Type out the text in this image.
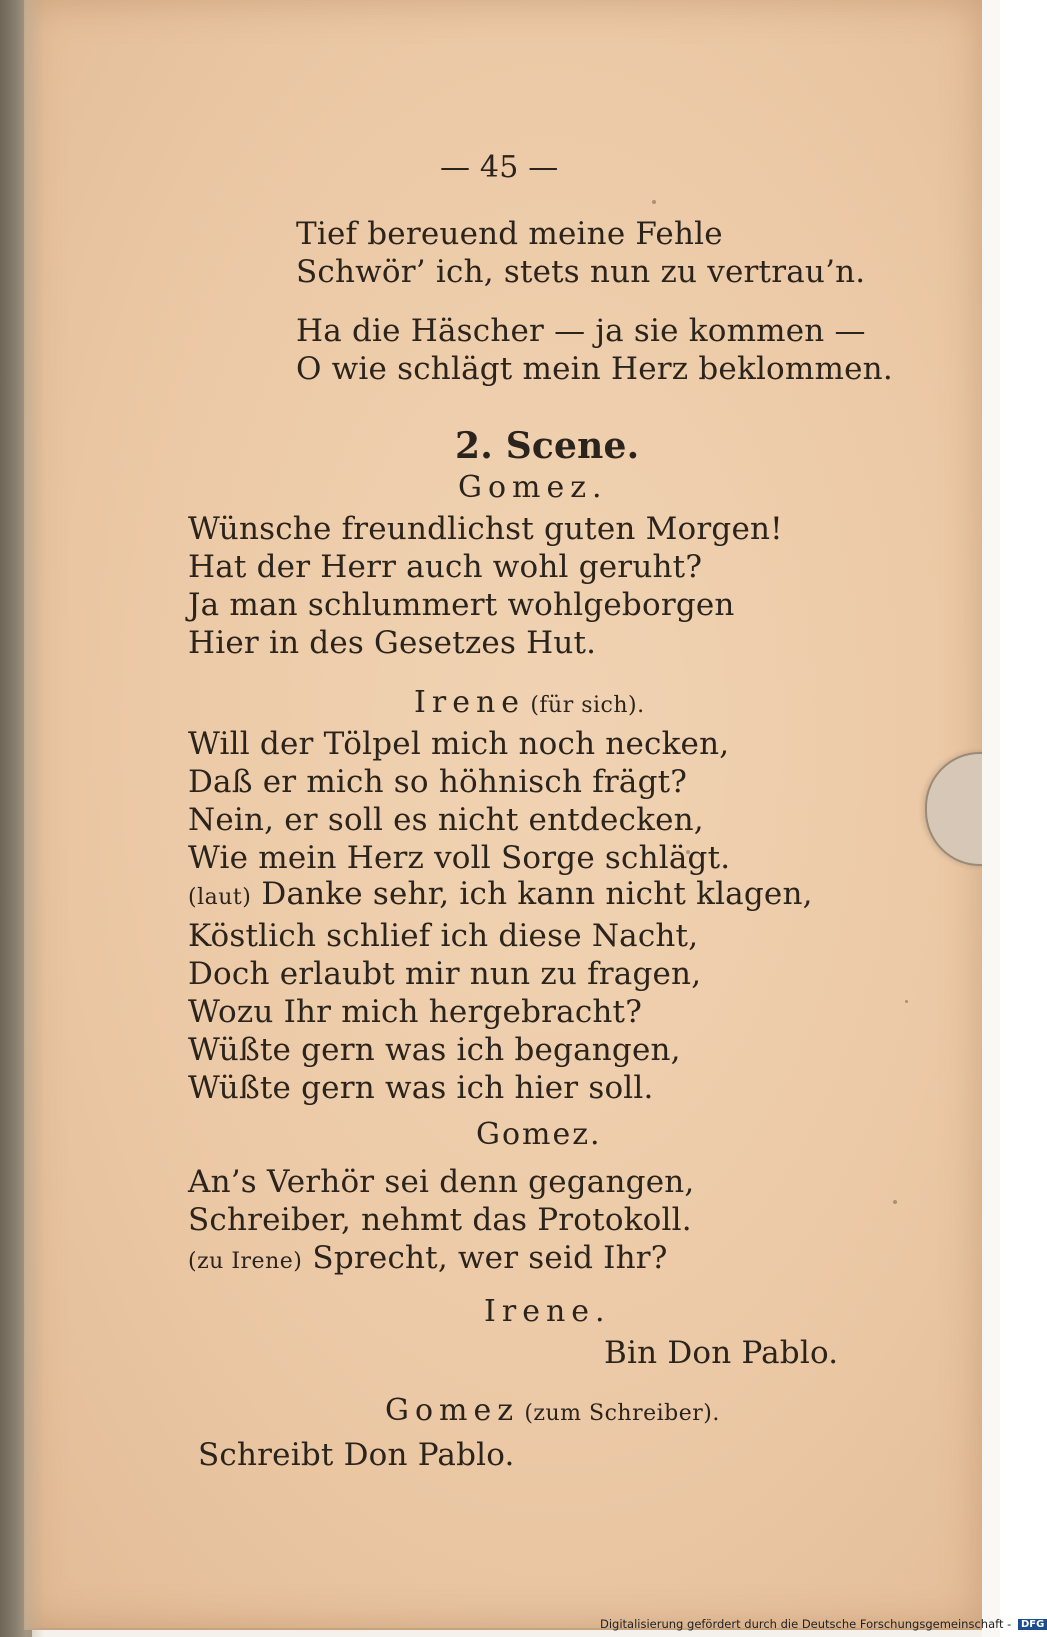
— 45 —
Tief bereuend meine Fehle
Schwör’ ich, stets nun zu vertrau’n.
Ha die Häscher — ja sie kommen —
O wie schlägt mein Herz beklommen.
2. Scene.
Gomez.
Wünsche freundlichst guten Morgen!
Hat der Herr auch wohl geruht?
Ja man schlummert wohlgeborgen
Hier in des Gesetzes Hut.
Irene (für sich).
Will der Tölpel mich noch necken,
Daß er mich so höhnisch frägt?
Nein, er soll es nicht entdecken,
Wie mein Herz voll Sorge schlägt.
(laut) Danke sehr, ich kann nicht klagen,
Köstlich schlief ich diese Nacht,
Doch erlaubt mir nun zu fragen,
Wozu Ihr mich hergebracht?
Wüßte gern was ich begangen,
Wüßte gern was ich hier soll.
Gomez.
An’s Verhör sei denn gegangen,
Schreiber, nehmt das Protokoll.
(zu Irene) Sprecht, wer seid Ihr?
Irene.
Bin Don Pablo.
Gomez (zum Schreiber).
Schreibt Don Pablo.
Digitalisierung gefördert durch die Deutsche Forschungsgemeinschaft - DFG
